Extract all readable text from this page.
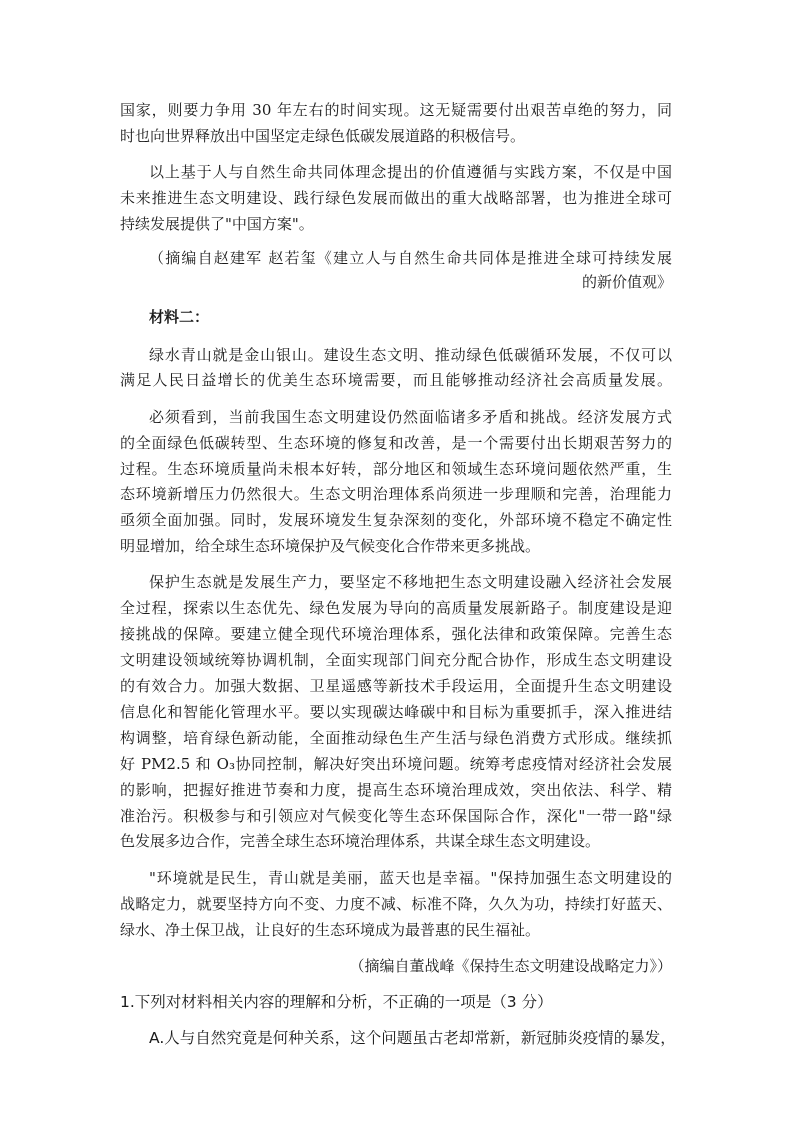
国家，则要力争用 30 年左右的时间实现。这无疑需要付出艰苦卓绝的努力，同
时也向世界释放出中国坚定走绿色低碳发展道路的积极信号。
以上基于人与自然生命共同体理念提出的价值遵循与实践方案，不仅是中国
未来推进生态文明建设、践行绿色发展而做出的重大战略部署，也为推进全球可
持续发展提供了"中国方案"。
（摘编自赵建军 赵若玺《建立人与自然生命共同体是推进全球可持续发展
的新价值观》
材料二：
绿水青山就是金山银山。建设生态文明、推动绿色低碳循环发展，不仅可以
满足人民日益增长的优美生态环境需要，而且能够推动经济社会高质量发展。
必须看到，当前我国生态文明建设仍然面临诸多矛盾和挑战。经济发展方式
的全面绿色低碳转型、生态环境的修复和改善，是一个需要付出长期艰苦努力的
过程。生态环境质量尚未根本好转，部分地区和领域生态环境问题依然严重，生
态环境新增压力仍然很大。生态文明治理体系尚须进一步理顺和完善，治理能力
亟须全面加强。同时，发展环境发生复杂深刻的变化，外部环境不稳定不确定性
明显增加，给全球生态环境保护及气候变化合作带来更多挑战。
保护生态就是发展生产力，要坚定不移地把生态文明建设融入经济社会发展
全过程，探索以生态优先、绿色发展为导向的高质量发展新路子。制度建设是迎
接挑战的保障。要建立健全现代环境治理体系，强化法律和政策保障。完善生态
文明建设领域统筹协调机制，全面实现部门间充分配合协作，形成生态文明建设
的有效合力。加强大数据、卫星遥感等新技术手段运用，全面提升生态文明建设
信息化和智能化管理水平。要以实现碳达峰碳中和目标为重要抓手，深入推进结
构调整，培育绿色新动能，全面推动绿色生产生活与绿色消费方式形成。继续抓
好 PM2.5 和 O₃协同控制，解决好突出环境问题。统筹考虑疫情对经济社会发展
的影响，把握好推进节奏和力度，提高生态环境治理成效，突出依法、科学、精
准治污。积极参与和引领应对气候变化等生态环保国际合作，深化"一带一路"绿
色发展多边合作，完善全球生态环境治理体系，共谋全球生态文明建设。
"环境就是民生，青山就是美丽，蓝天也是幸福。"保持加强生态文明建设的
战略定力，就要坚持方向不变、力度不减、标准不降，久久为功，持续打好蓝天、
绿水、净土保卫战，让良好的生态环境成为最普惠的民生福祉。
（摘编自董战峰《保持生态文明建设战略定力》）
1.下列对材料相关内容的理解和分析，不正确的一项是（3 分）
A.人与自然究竟是何种关系，这个问题虽古老却常新，新冠肺炎疫情的暴发，
